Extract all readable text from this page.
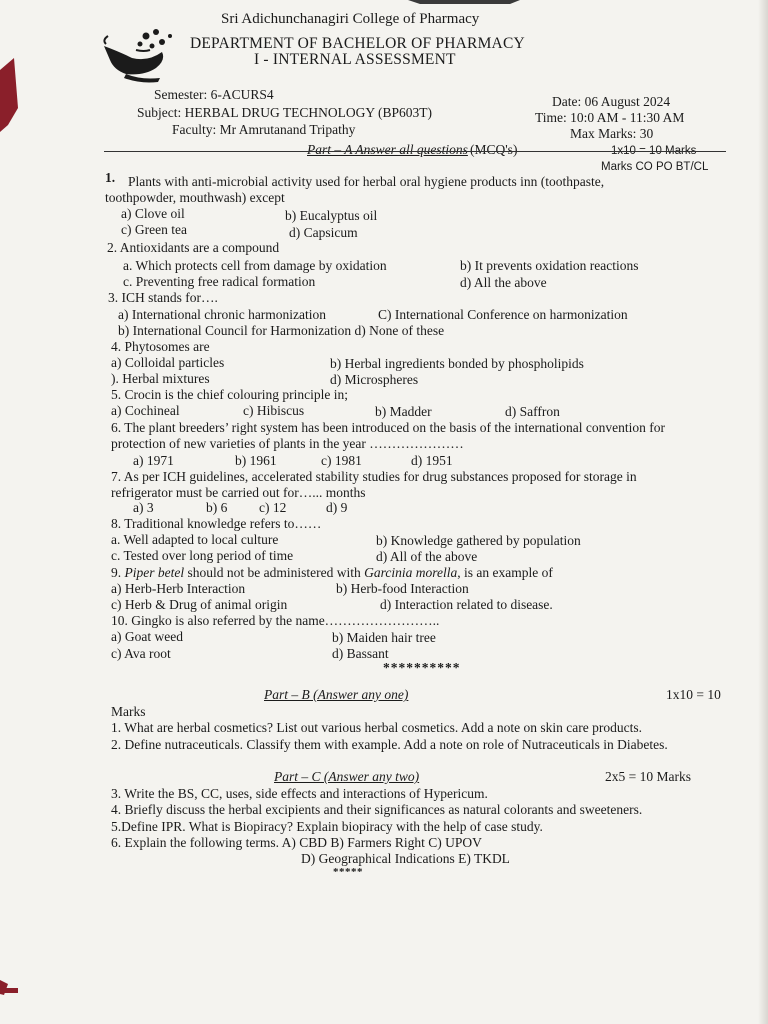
Sri Adichunchanagiri College of Pharmacy
DEPARTMENT OF BACHELOR OF PHARMACY
I - INTERNAL ASSESSMENT
Semester: 6-ACURS4
Subject: HERBAL DRUG TECHNOLOGY (BP603T)
Faculty: Mr Amrutanand Tripathy
Date: 06 August 2024
Time: 10:0 AM - 11:30 AM
Max Marks: 30
Part – A Answer all questions (MCQ's)	1x10 = 10 Marks
Marks CO PO BT/CL
1. Plants with anti-microbial activity used for herbal oral hygiene products inn (toothpaste,
toothpowder, mouthwash) except
a) Clove oil	b) Eucalyptus oil
c) Green tea	d) Capsicum
2. Antioxidants are a compound
a. Which protects cell from damage by oxidation	b) It prevents oxidation reactions
c. Preventing free radical formation	d) All the above
3. ICH stands for….
a) International chronic harmonization	C) International Conference on harmonization
b) International Council for Harmonization d) None of these
4. Phytosomes are
a) Colloidal particles	b) Herbal ingredients bonded by phospholipids
). Herbal mixtures	d) Microspheres
5. Crocin is the chief colouring principle in;
a) Cochineal	c) Hibiscus	b) Madder	d) Saffron
6. The plant breeders’ right system has been introduced on the basis of the international convention for
protection of new varieties of plants in the year …………………
a) 1971	b) 1961	c) 1981	d) 1951
7. As per ICH guidelines, accelerated stability studies for drug substances proposed for storage in
refrigerator must be carried out for…... months
a) 3	b) 6 c) 12	d) 9
8. Traditional knowledge refers to……
a. Well adapted to local culture	b) Knowledge gathered by population
c. Tested over long period of time	d) All of the above
9. Piper betel should not be administered with Garcinia morella, is an example of
a) Herb-Herb Interaction	b) Herb-food Interaction
c) Herb & Drug of animal origin	d) Interaction related to disease.
10. Gingko is also referred by the name……………………..
a) Goat weed	b) Maiden hair tree
c) Ava root	d) Bassant
**********
Part – B (Answer any one)	1x10 = 10
Marks
1. What are herbal cosmetics? List out various herbal cosmetics. Add a note on skin care products.
2. Define nutraceuticals. Classify them with example. Add a note on role of Nutraceuticals in Diabetes.
Part – C (Answer any two)	2x5 = 10 Marks
3. Write the BS, CC, uses, side effects and interactions of Hypericum.
4. Briefly discuss the herbal excipients and their significances as natural colorants and sweeteners.
5.Define IPR. What is Biopiracy? Explain biopiracy with the help of case study.
6. Explain the following terms. A) CBD B) Farmers Right C) UPOV
D) Geographical Indications E) TKDL
*****
